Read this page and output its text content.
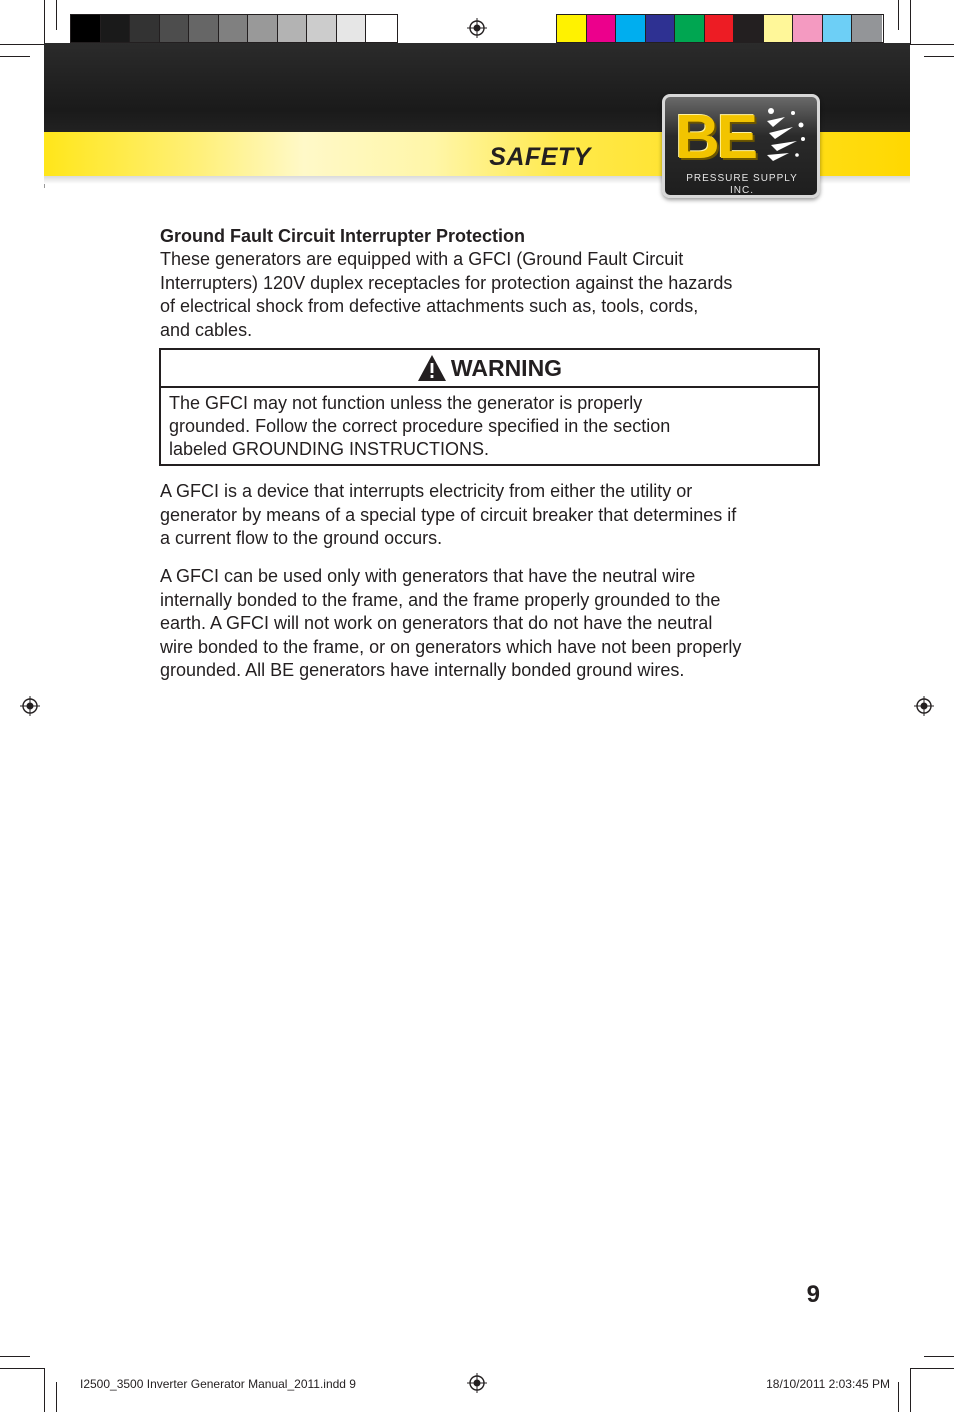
SAFETY	BE
PRESSURE SUPPLY INC.

Ground Fault Circuit Interrupter Protection

These generators are equipped with a GFCI (Ground Fault Circuit

Interrupters) 120V duplex receptacles for protection against the hazards

of electrical shock from defective attachments such as, tools, cords,

and cables.

WARNING
The GFCI may not function unless the generator is properly
grounded. Follow the correct procedure specified in the section
labeled GROUNDING INSTRUCTIONS.

A GFCI is a device that interrupts electricity from either the utility or

generator by means of a special type of circuit breaker that determines if

a current flow to the ground occurs.

A GFCI can be used only with generators that have the neutral wire

internally bonded to the frame, and the frame properly grounded to the

earth. A GFCI will not work on generators that do not have the neutral

wire bonded to the frame, or on generators which have not been properly

grounded. All BE generators have internally bonded ground wires.

9
I2500_3500 Inverter Generator Manual_2011.indd 9	18/10/2011 2:03:45 PM
